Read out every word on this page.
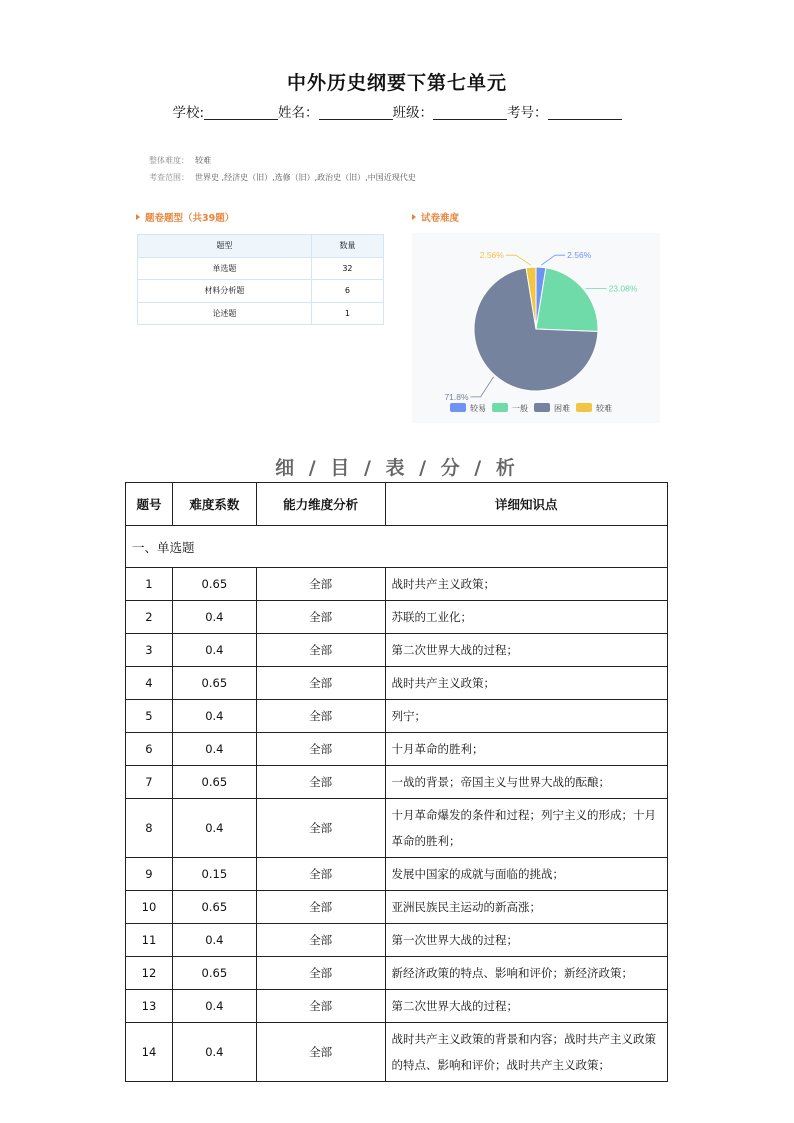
中外历史纲要下第七单元
学校:	姓名：	班级：	考号：
整体难度： 较难
考查范围： 世界史 ,经济史（旧）,选修（旧）,政治史（旧）,中国近现代史
题卷题型（共39题）	试卷难度
题型	数量
单选题	32
材料分析题	6
论述题	1
2.56%
23.08%
71.8%
2.56%
较易	一般	困难	较难
细 / 目 / 表 / 分 / 析
题号	难度系数	能力维度分析	详细知识点
一、单选题			
1	0.65	全部	战时共产主义政策；
2	0.4	全部	苏联的工业化；
3	0.4	全部	第二次世界大战的过程；
4	0.65	全部	战时共产主义政策；
5	0.4	全部	列宁；
6	0.4	全部	十月革命的胜利；
7	0.65	全部	一战的背景；帝国主义与世界大战的酝酿；
8	0.4	全部	十月革命爆发的条件和过程；列宁主义的形成；十月革命的胜利；
9	0.15	全部	发展中国家的成就与面临的挑战；
10	0.65	全部	亚洲民族民主运动的新高涨；
11	0.4	全部	第一次世界大战的过程；
12	0.65	全部	新经济政策的特点、影响和评价；新经济政策；
13	0.4	全部	第二次世界大战的过程；
14	0.4	全部	战时共产主义政策的背景和内容；战时共产主义政策的特点、影响和评价；战时共产主义政策；
